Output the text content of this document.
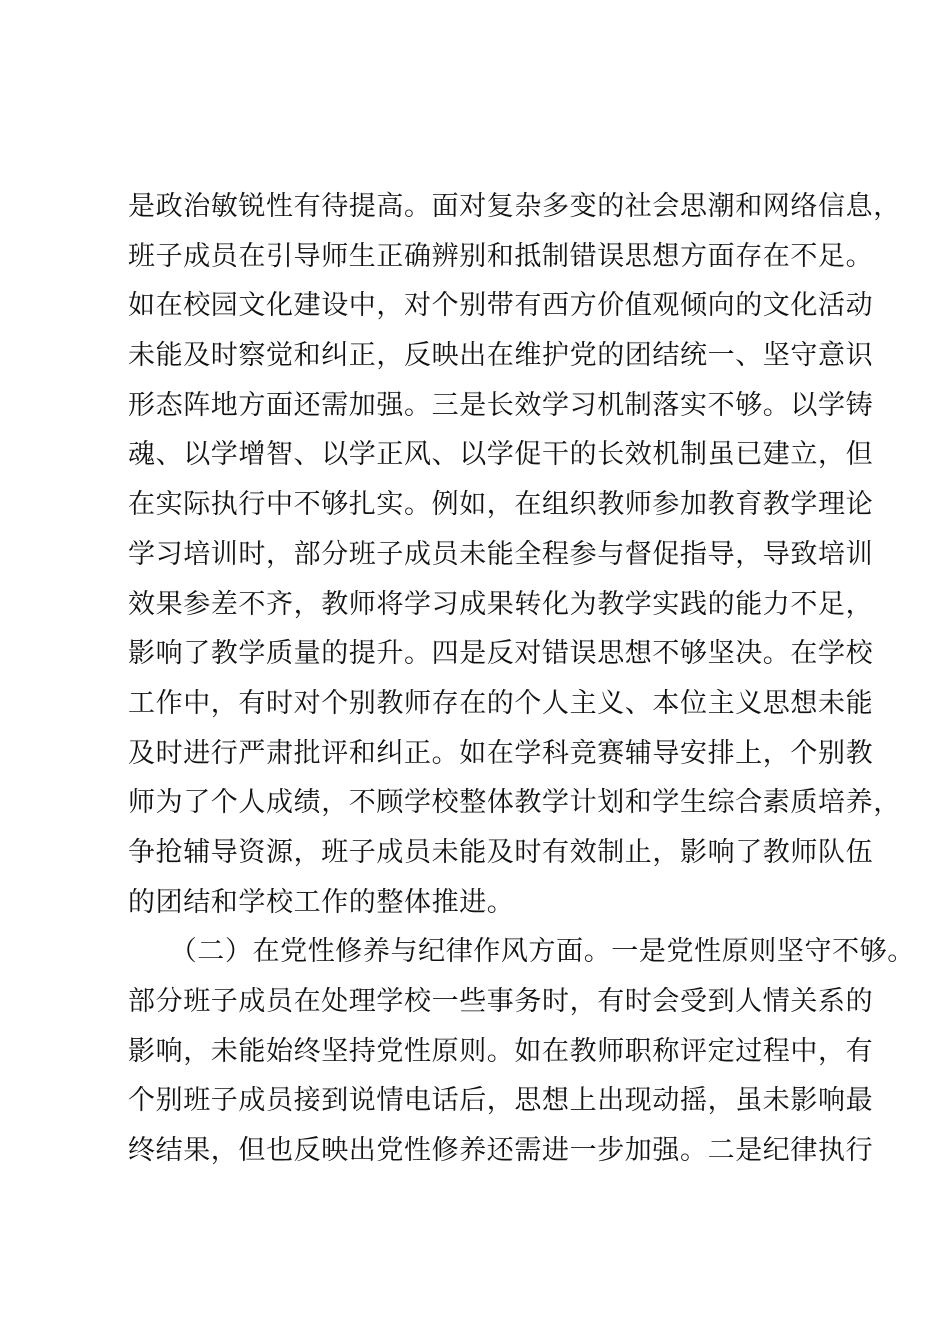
是政治敏锐性有待提高。面对复杂多变的社会思潮和网络信息，
班子成员在引导师生正确辨别和抵制错误思想方面存在不足。
如在校园文化建设中，对个别带有西方价值观倾向的文化活动
未能及时察觉和纠正，反映出在维护党的团结统一、坚守意识
形态阵地方面还需加强。三是长效学习机制落实不够。以学铸
魂、以学增智、以学正风、以学促干的长效机制虽已建立，但
在实际执行中不够扎实。例如，在组织教师参加教育教学理论
学习培训时，部分班子成员未能全程参与督促指导，导致培训
效果参差不齐，教师将学习成果转化为教学实践的能力不足，
影响了教学质量的提升。四是反对错误思想不够坚决。在学校
工作中，有时对个别教师存在的个人主义、本位主义思想未能
及时进行严肃批评和纠正。如在学科竞赛辅导安排上，个别教
师为了个人成绩，不顾学校整体教学计划和学生综合素质培养，
争抢辅导资源，班子成员未能及时有效制止，影响了教师队伍
的团结和学校工作的整体推进。
　　（二）在党性修养与纪律作风方面。一是党性原则坚守不够。
部分班子成员在处理学校一些事务时，有时会受到人情关系的
影响，未能始终坚持党性原则。如在教师职称评定过程中，有
个别班子成员接到说情电话后，思想上出现动摇，虽未影响最
终结果，但也反映出党性修养还需进一步加强。二是纪律执行
